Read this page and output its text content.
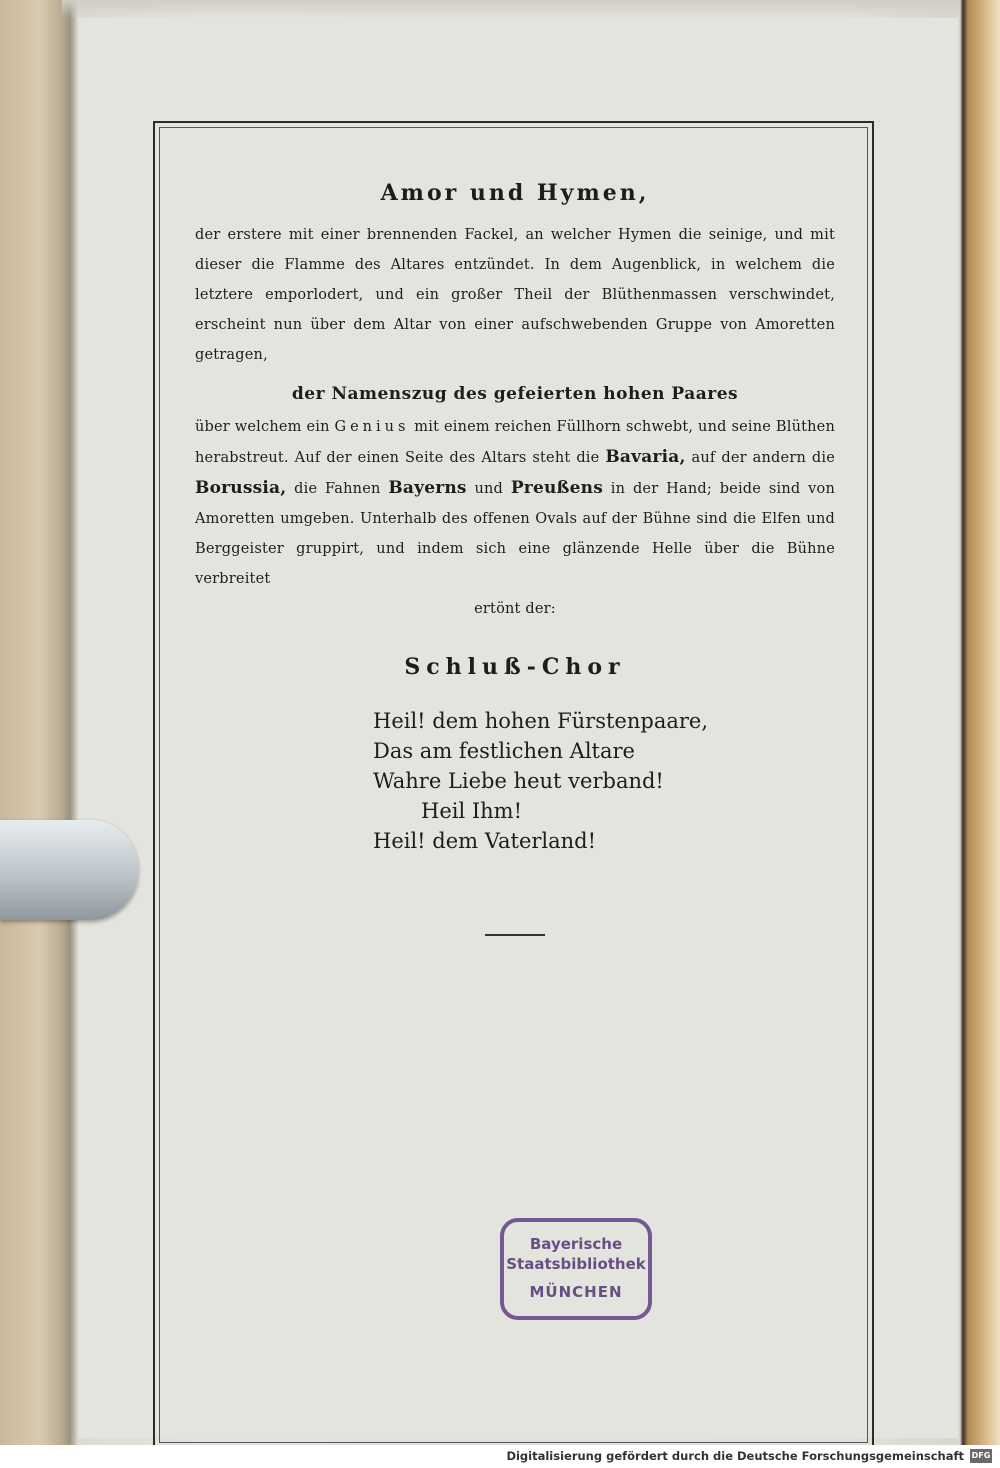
Amor und Hymen,
der erstere mit einer brennenden Fackel, an welcher Hymen die seinige, und mit dieser die Flamme des Altares entzündet. In dem Augenblick, in welchem die letztere emporlodert, und ein großer Theil der Blüthenmassen verschwindet, erscheint nun über dem Altar von einer aufschwebenden Gruppe von Amoretten getragen,
der Namenszug des gefeierten hohen Paares
über welchem ein Genius mit einem reichen Füllhorn schwebt, und seine Blüthen herabstreut. Auf der einen Seite des Altars steht die Bavaria, auf der andern die Borussia, die Fahnen Bayerns und Preußens in der Hand; beide sind von Amoretten umgeben. Unterhalb des offenen Ovals auf der Bühne sind die Elfen und Berggeister gruppirt, und indem sich eine glänzende Helle über die Bühne verbreitet
ertönt der:
Schluß-Chor
Heil! dem hohen Fürstenpaare,
Das am festlichen Altare
Wahre Liebe heut verband!
Heil Ihm!
Heil! dem Vaterland!
Bayerische
Staatsbibliothek
MÜNCHEN
Digitalisierung gefördert durch die Deutsche Forschungsgemeinschaft DFG
